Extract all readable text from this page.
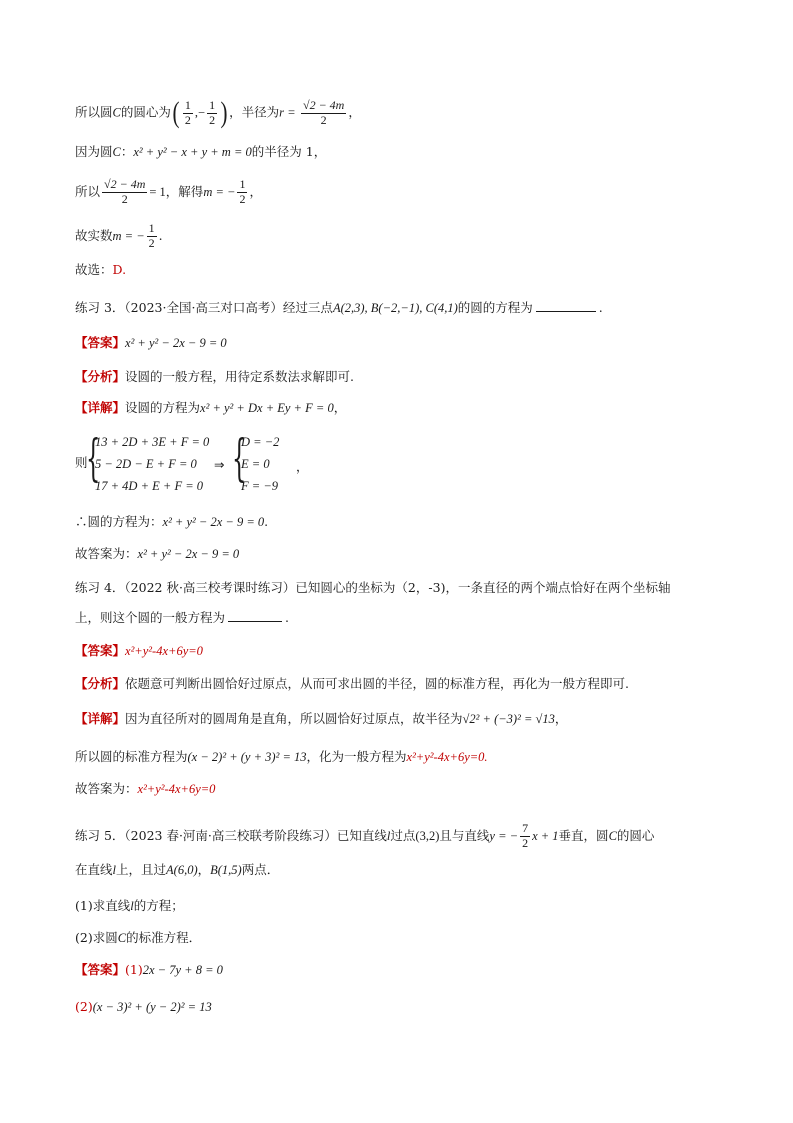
所以圆C的圆心为( $\frac{1}{2}$ ,− $\frac{1}{2}$ ) ，半径为$r = \frac{√2 - 4m}{2}$ ，
因为圆C：x² + y² − x + y + m = 0的半径为 1，
所以 $\frac{√2 - 4m}{2} = 1$，解得m = − $\frac{1}{2}$ ，
故实数m = − $\frac{1}{2}$ .
故选：D.
练习 3．（2023·全国·高三对口高考）经过三点A(2,3), B(−2,−1), C(4,1)的圆的方程为	.
【答案】x² + y² − 2x − 9 = 0
【分析】设圆的一般方程，用待定系数法求解即可.
【详解】设圆的方程为x² + y² + Dx + Ey + F = 0，
则
{
13 + 2D + 3E + F = 0
5 − 2D − E + F = 0
17 + 4D + E + F = 0
⇒ {
D = −2
E = 0
F = −9
，
∴圆的方程为：x² + y² − 2x − 9 = 0.
故答案为：x² + y² − 2x − 9 = 0
练习 4．（2022 秋·高三校考课时练习）已知圆心的坐标为（2，-3)，一条直径的两个端点恰好在两个坐标轴
上，则这个圆的一般方程为	.
【答案】x²+y²-4x+6y=0
【分析】依题意可判断出圆恰好过原点，从而可求出圆的半径，圆的标准方程，再化为一般方程即可.
【详解】因为直径所对的圆周角是直角，所以圆恰好过原点，故半径为√2² + (−3)² = √13，
所以圆的标准方程为(x − 2)² + (y + 3)² = 13，化为一般方程为x²+y²-4x+6y=0.
故答案为：x²+y²-4x+6y=0
练习 5．（2023 春·河南·高三校联考阶段练习）已知直线l过点(3,2)且与直线y = − $\frac{7}{2}$ x + 1垂直，圆C的圆心
在直线l上，且过A(6,0)，B(1,5)两点．
(1)求直线l的方程；
(2)求圆C的标准方程．
【答案】(1)2x − 7y + 8 = 0
(2)(x − 3)² + (y − 2)² = 13
